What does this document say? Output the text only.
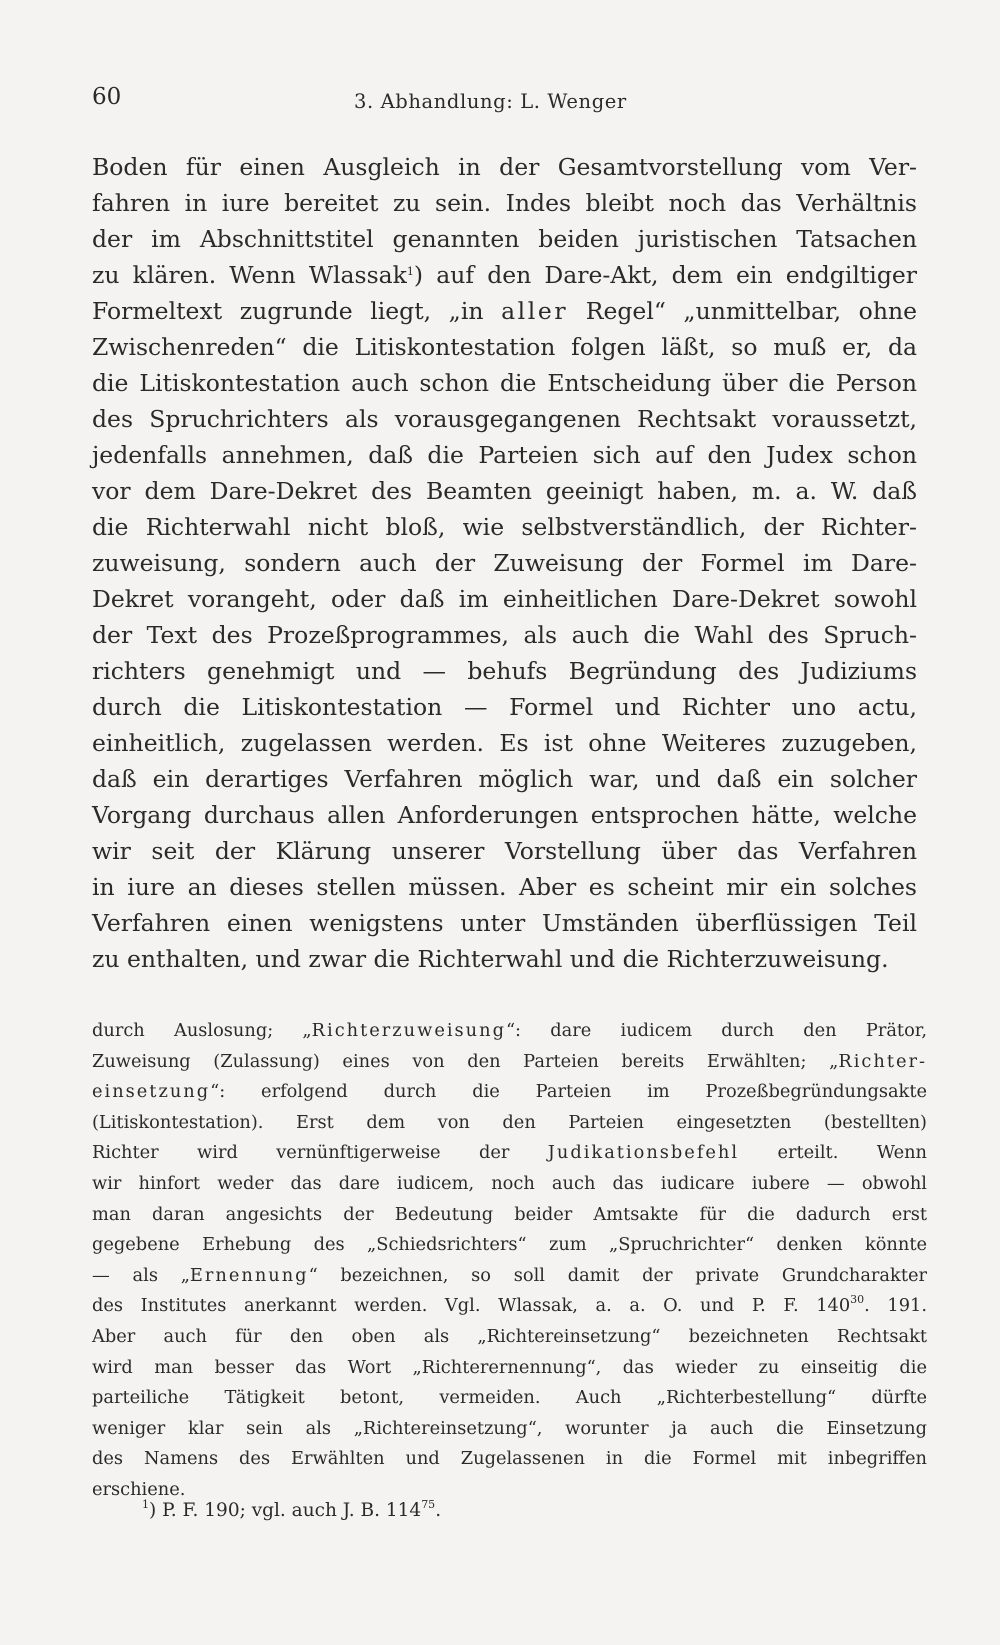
60	3. Abhandlung: L. Wenger
Boden für einen Ausgleich in der Gesamtvorstellung vom Ver-
fahren in iure bereitet zu sein. Indes bleibt noch das Verhältnis
der im Abschnittstitel genannten beiden juristischen Tatsachen
zu klären. Wenn Wlassak$^1$) auf den Dare-Akt, dem ein endgiltiger
Formeltext zugrunde liegt, „in aller Regel“ „unmittelbar, ohne
Zwischenreden“ die Litiskontestation folgen läßt, so muß er, da
die Litiskontestation auch schon die Entscheidung über die Person
des Spruchrichters als vorausgegangenen Rechtsakt voraussetzt,
jedenfalls annehmen, daß die Parteien sich auf den Judex schon
vor dem Dare-Dekret des Beamten geeinigt haben, m. a. W. daß
die Richterwahl nicht bloß, wie selbstverständlich, der Richter-
zuweisung, sondern auch der Zuweisung der Formel im Dare-
Dekret vorangeht, oder daß im einheitlichen Dare-Dekret sowohl
der Text des Prozeßprogrammes, als auch die Wahl des Spruch-
richters genehmigt und — behufs Begründung des Judiziums
durch die Litiskontestation — Formel und Richter uno actu,
einheitlich, zugelassen werden. Es ist ohne Weiteres zuzugeben,
daß ein derartiges Verfahren möglich war, und daß ein solcher
Vorgang durchaus allen Anforderungen entsprochen hätte, welche
wir seit der Klärung unserer Vorstellung über das Verfahren
in iure an dieses stellen müssen. Aber es scheint mir ein solches
Verfahren einen wenigstens unter Umständen überflüssigen Teil
zu enthalten, und zwar die Richterwahl und die Richterzuweisung.
durch Auslosung; „Richterzuweisung“: dare iudicem durch den Prätor,
Zuweisung (Zulassung) eines von den Parteien bereits Erwählten; „Richter-
einsetzung“: erfolgend durch die Parteien im Prozeßbegründungsakte
(Litiskontestation). Erst dem von den Parteien eingesetzten (bestellten)
Richter wird vernünftigerweise der Judikationsbefehl erteilt. Wenn
wir hinfort weder das dare iudicem, noch auch das iudicare iubere — obwohl
man daran angesichts der Bedeutung beider Amtsakte für die dadurch erst
gegebene Erhebung des „Schiedsrichters“ zum „Spruchrichter“ denken könnte
— als „Ernennung“ bezeichnen, so soll damit der private Grundcharakter
des Institutes anerkannt werden. Vgl. Wlassak, a. a. O. und P. F. $140^{30}$. 191.
Aber auch für den oben als „Richtereinsetzung“ bezeichneten Rechtsakt
wird man besser das Wort „Richterernennung“, das wieder zu einseitig die
parteiliche Tätigkeit betont, vermeiden. Auch „Richterbestellung“ dürfte
weniger klar sein als „Richtereinsetzung“, worunter ja auch die Einsetzung
des Namens des Erwählten und Zugelassenen in die Formel mit inbegriffen
erschiene.
$^1$) P. F. 190; vgl. auch J. B. $114^{75}$.
